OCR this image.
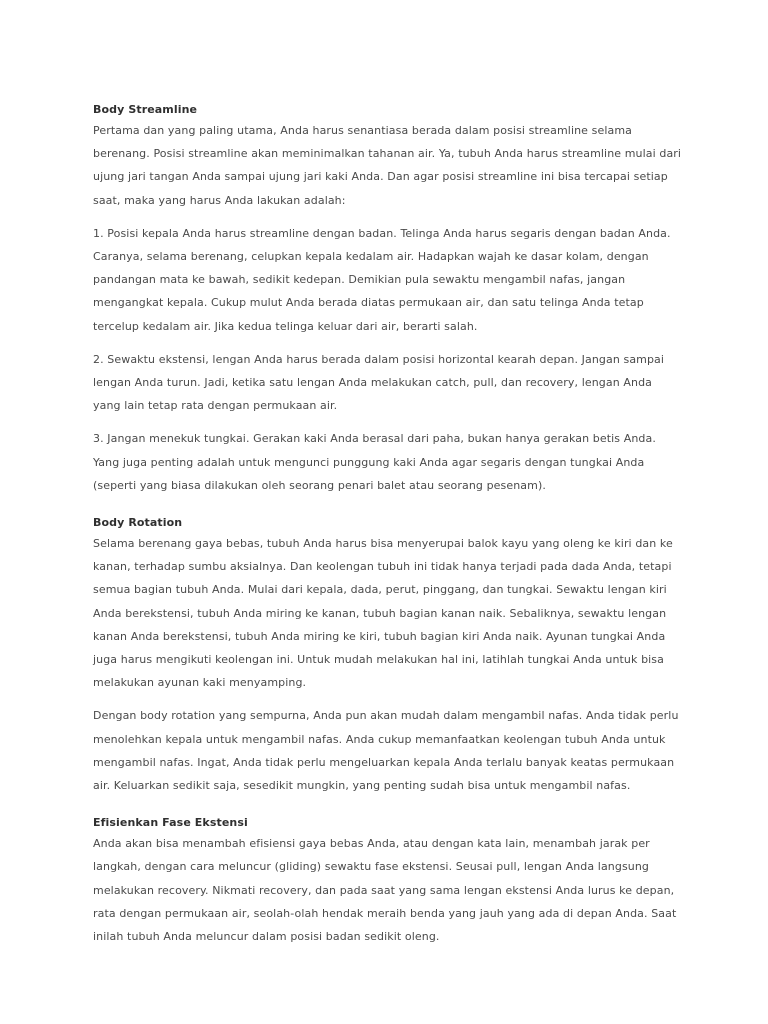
Body Streamline

Pertama dan yang paling utama, Anda harus senantiasa berada dalam posisi streamline selama berenang. Posisi streamline akan meminimalkan tahanan air. Ya, tubuh Anda harus streamline mulai dari ujung jari tangan Anda sampai ujung jari kaki Anda. Dan agar posisi streamline ini bisa tercapai setiap saat, maka yang harus Anda lakukan adalah:

1. Posisi kepala Anda harus streamline dengan badan. Telinga Anda harus segaris dengan badan Anda. Caranya, selama berenang, celupkan kepala kedalam air. Hadapkan wajah ke dasar kolam, dengan pandangan mata ke bawah, sedikit kedepan. Demikian pula sewaktu mengambil nafas, jangan mengangkat kepala. Cukup mulut Anda berada diatas permukaan air, dan satu telinga Anda tetap tercelup kedalam air. Jika kedua telinga keluar dari air, berarti salah.

2. Sewaktu ekstensi, lengan Anda harus berada dalam posisi horizontal kearah depan. Jangan sampai lengan Anda turun. Jadi, ketika satu lengan Anda melakukan catch, pull, dan recovery, lengan Anda yang lain tetap rata dengan permukaan air.

3. Jangan menekuk tungkai. Gerakan kaki Anda berasal dari paha, bukan hanya gerakan betis Anda. Yang juga penting adalah untuk mengunci punggung kaki Anda agar segaris dengan tungkai Anda (seperti yang biasa dilakukan oleh seorang penari balet atau seorang pesenam).

Body Rotation

Selama berenang gaya bebas, tubuh Anda harus bisa menyerupai balok kayu yang oleng ke kiri dan ke kanan, terhadap sumbu aksialnya. Dan keolengan tubuh ini tidak hanya terjadi pada dada Anda, tetapi semua bagian tubuh Anda. Mulai dari kepala, dada, perut, pinggang, dan tungkai. Sewaktu lengan kiri Anda berekstensi, tubuh Anda miring ke kanan, tubuh bagian kanan naik. Sebaliknya, sewaktu lengan kanan Anda berekstensi, tubuh Anda miring ke kiri, tubuh bagian kiri Anda naik. Ayunan tungkai Anda juga harus mengikuti keolengan ini. Untuk mudah melakukan hal ini, latihlah tungkai Anda untuk bisa melakukan ayunan kaki menyamping.

Dengan body rotation yang sempurna, Anda pun akan mudah dalam mengambil nafas. Anda tidak perlu menolehkan kepala untuk mengambil nafas. Anda cukup memanfaatkan keolengan tubuh Anda untuk mengambil nafas. Ingat, Anda tidak perlu mengeluarkan kepala Anda terlalu banyak keatas permukaan air. Keluarkan sedikit saja, sesedikit mungkin, yang penting sudah bisa untuk mengambil nafas.

Efisienkan Fase Ekstensi

Anda akan bisa menambah efisiensi gaya bebas Anda, atau dengan kata lain, menambah jarak per langkah, dengan cara meluncur (gliding) sewaktu fase ekstensi. Seusai pull, lengan Anda langsung melakukan recovery. Nikmati recovery, dan pada saat yang sama lengan ekstensi Anda lurus ke depan, rata dengan permukaan air, seolah-olah hendak meraih benda yang jauh yang ada di depan Anda. Saat inilah tubuh Anda meluncur dalam posisi badan sedikit oleng.
